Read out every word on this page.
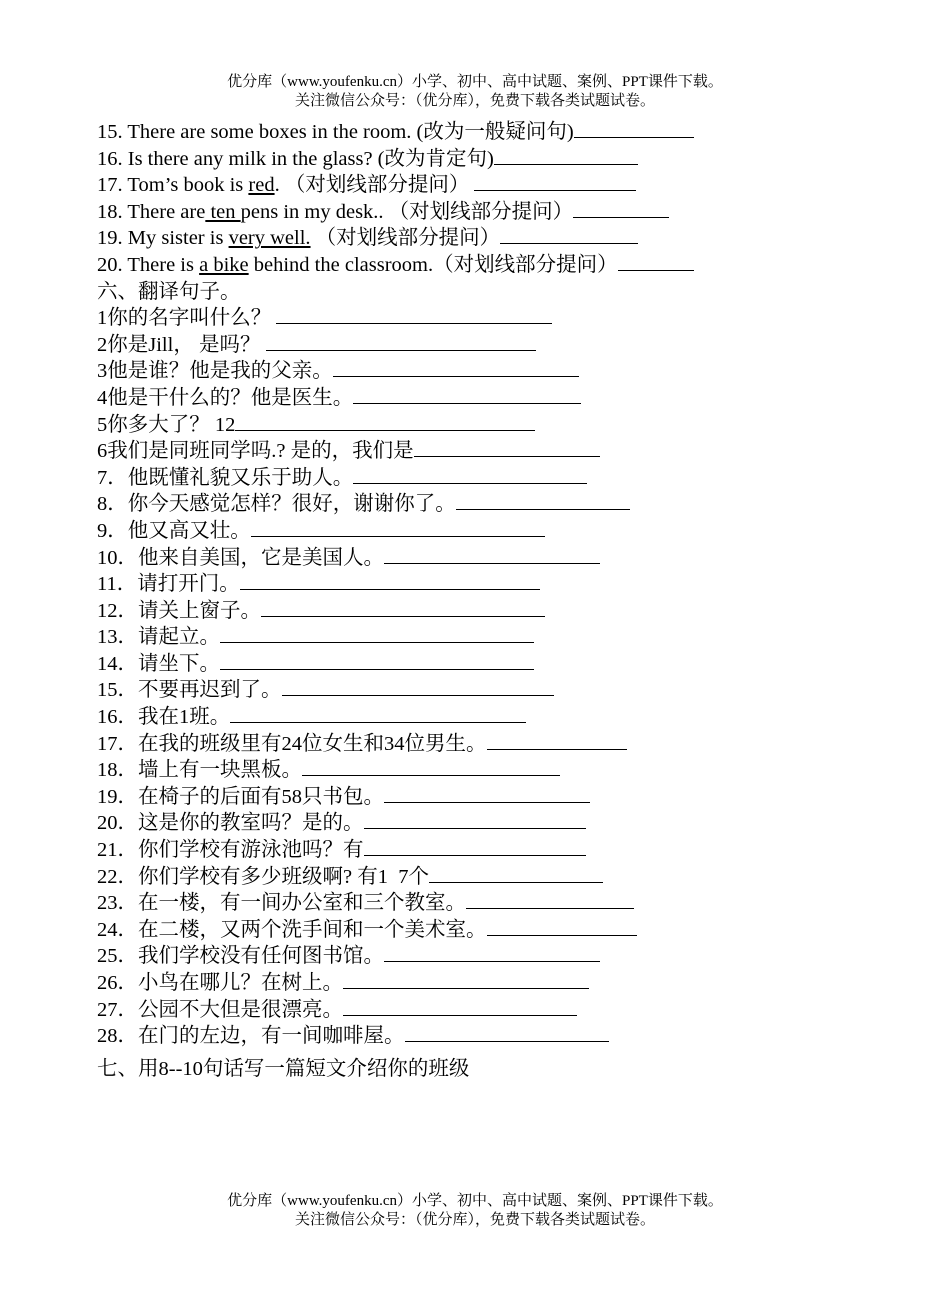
优分库（www.youfenku.cn）小学、初中、高中试题、案例、PPT课件下载。
关注微信公众号：（优分库），免费下载各类试题试卷。
15. There are some boxes in the room. (改为一般疑问句)
16. Is there any milk in the glass? (改为肯定句)
17. Tom’s book is red. （对划线部分提问）
18. There are ten pens in my desk.. （对划线部分提问）
19. My sister is very well. （对划线部分提问）
20. There is a bike behind the classroom.（对划线部分提问）
六、翻译句子。
1你的名字叫什么？
2你是Jill， 是吗？
3他是谁？他是我的父亲。
4他是干什么的？他是医生。
5你多大了？ 12
6我们是同班同学吗.? 是的，我们是
7．他既懂礼貌又乐于助人。
8．你今天感觉怎样？很好，谢谢你了。
9．他又高又壮。
10．他来自美国，它是美国人。
11．请打开门。
12．请关上窗子。
13．请起立。
14．请坐下。
15．不要再迟到了。
16．我在1班。
17．在我的班级里有24位女生和34位男生。
18．墙上有一块黑板。
19．在椅子的后面有58只书包。
20．这是你的教室吗？是的。
21．你们学校有游泳池吗？有
22．你们学校有多少班级啊? 有1  7个
23．在一楼，有一间办公室和三个教室。
24．在二楼，又两个洗手间和一个美术室。
25．我们学校没有任何图书馆。
26．小鸟在哪儿？在树上。
27．公园不大但是很漂亮。
28．在门的左边，有一间咖啡屋。
七、用8--10句话写一篇短文介绍你的班级
优分库（www.youfenku.cn）小学、初中、高中试题、案例、PPT课件下载。
关注微信公众号：（优分库），免费下载各类试题试卷。
